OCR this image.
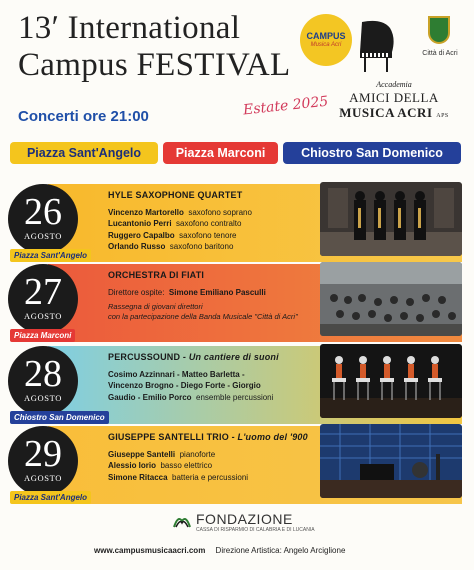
13ʹ International
Campus FESTIVAL
CAMPUS
Musica Acri
Città di Acri
Accademia
AMICI DELLA
MUSICA ACRI APS
Estate 2025
Concerti ore 21:00
Piazza Sant'Angelo	Piazza Marconi	Chiostro San Domenico
26
AGOSTO
Piazza Sant'Angelo
HYLE SAXOPHONE QUARTET
Vincenzo Martorello saxofono soprano
Lucantonio Perri saxofono contralto
Ruggero Capalbo saxofono tenore
Orlando Russo saxofono baritono
27
AGOSTO
Piazza Marconi
ORCHESTRA DI FIATI
Direttore ospite: Simone Emiliano Pasculli
Rassegna di giovani direttori
con la partecipazione della Banda Musicale "Città di Acri"
28
AGOSTO
Chiostro San Domenico
PERCUSSOUND - Un cantiere di suoni
Cosimo Azzinnari - Matteo Barletta -
Vincenzo Brogno - Diego Forte - Giorgio
Gaudio - Emilio Porco ensemble percussioni
29
AGOSTO
Piazza Sant'Angelo
GIUSEPPE SANTELLI TRIO - L'uomo del '900
Giuseppe Santelli pianoforte
Alessio Iorio basso elettrico
Simone Ritacca batteria e percussioni
FONDAZIONE
CASSA DI RISPARMIO DI CALABRIA E DI LUCANIA
www.campusmusicaacri.com Direzione Artistica: Angelo Arciglione
